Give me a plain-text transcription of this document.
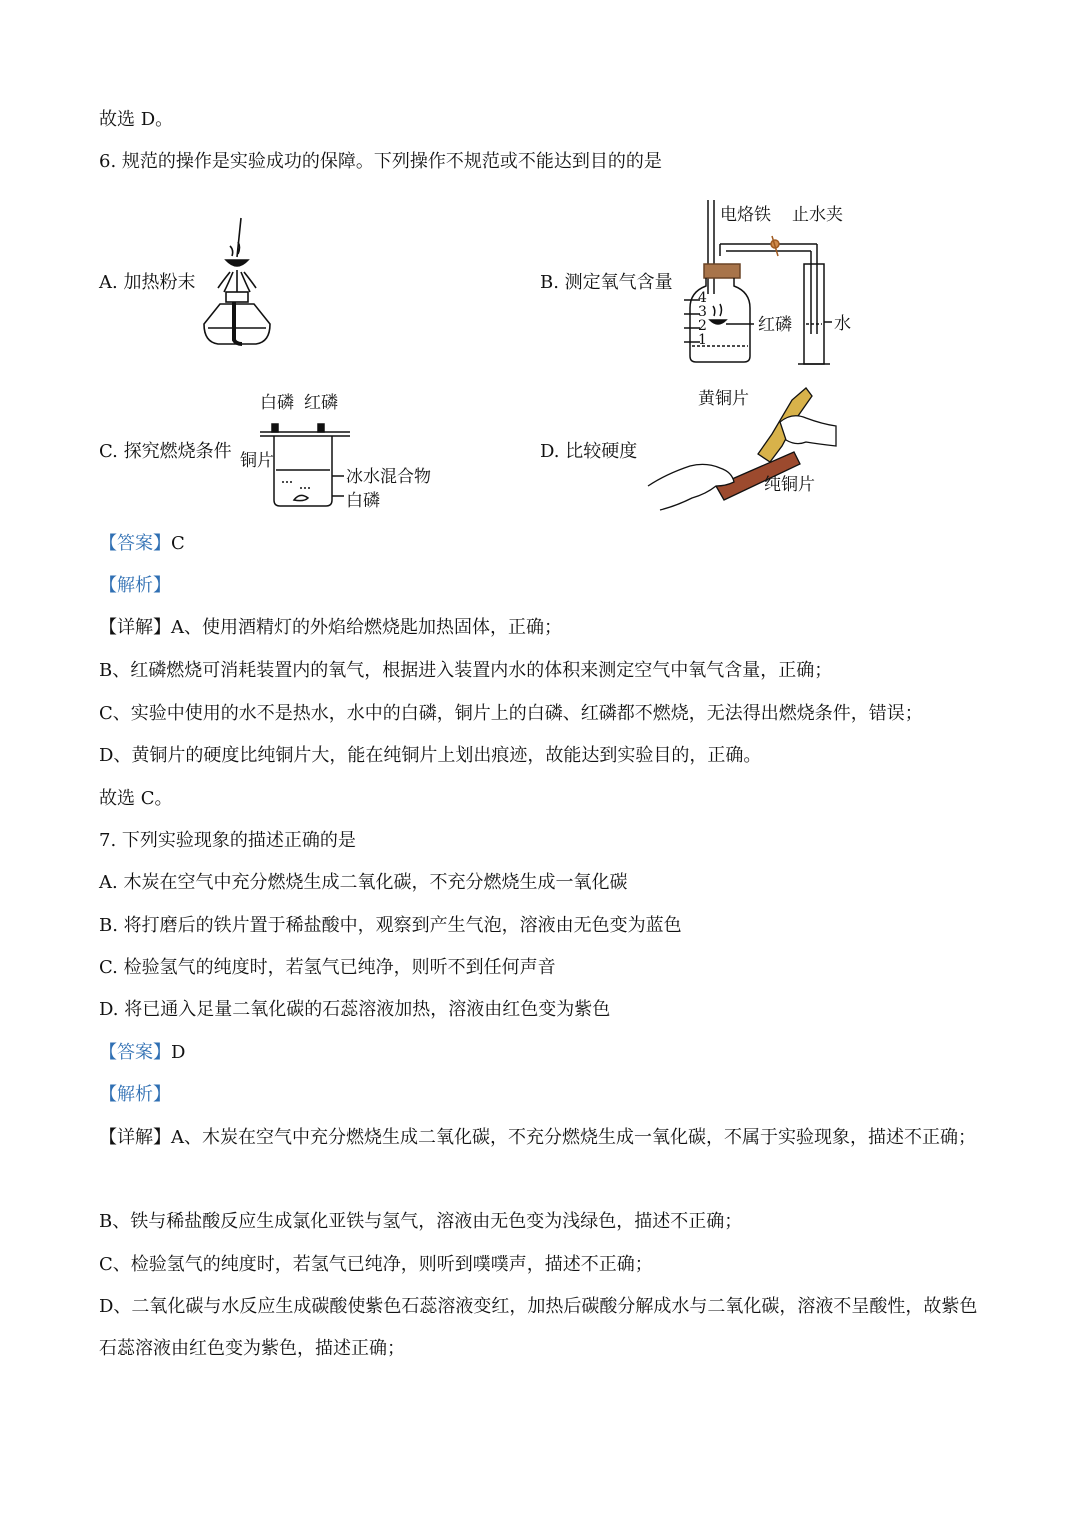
故选 D。
6. 规范的操作是实验成功的保障。下列操作不规范或不能达到目的的是
A. 加热粉末	B. 测定氧气含量
C. 探究燃烧条件	D. 比较硬度
4
3
2
1
电烙铁 止水夹
红磷 水
白磷 红磷
铜片
冰水混合物
白磷
黄铜片
纯铜片
【答案】C
【解析】
【详解】A、使用酒精灯的外焰给燃烧匙加热固体，正确；
B、红磷燃烧可消耗装置内的氧气，根据进入装置内水的体积来测定空气中氧气含量，正确；
C、实验中使用的水不是热水，水中的白磷，铜片上的白磷、红磷都不燃烧，无法得出燃烧条件，错误；
D、黄铜片的硬度比纯铜片大，能在纯铜片上划出痕迹，故能达到实验目的，正确。
故选 C。
7. 下列实验现象的描述正确的是
A. 木炭在空气中充分燃烧生成二氧化碳，不充分燃烧生成一氧化碳
B. 将打磨后的铁片置于稀盐酸中，观察到产生气泡，溶液由无色变为蓝色
C. 检验氢气的纯度时，若氢气已纯净，则听不到任何声音
D. 将已通入足量二氧化碳的石蕊溶液加热，溶液由红色变为紫色
【答案】D
【解析】
【详解】A、木炭在空气中充分燃烧生成二氧化碳，不充分燃烧生成一氧化碳，不属于实验现象，描述不正确；
B、铁与稀盐酸反应生成氯化亚铁与氢气，溶液由无色变为浅绿色，描述不正确；
C、检验氢气的纯度时，若氢气已纯净，则听到噗噗声，描述不正确；
D、二氧化碳与水反应生成碳酸使紫色石蕊溶液变红，加热后碳酸分解成水与二氧化碳，溶液不呈酸性，故紫色石蕊溶液由红色变为紫色，描述正确；
